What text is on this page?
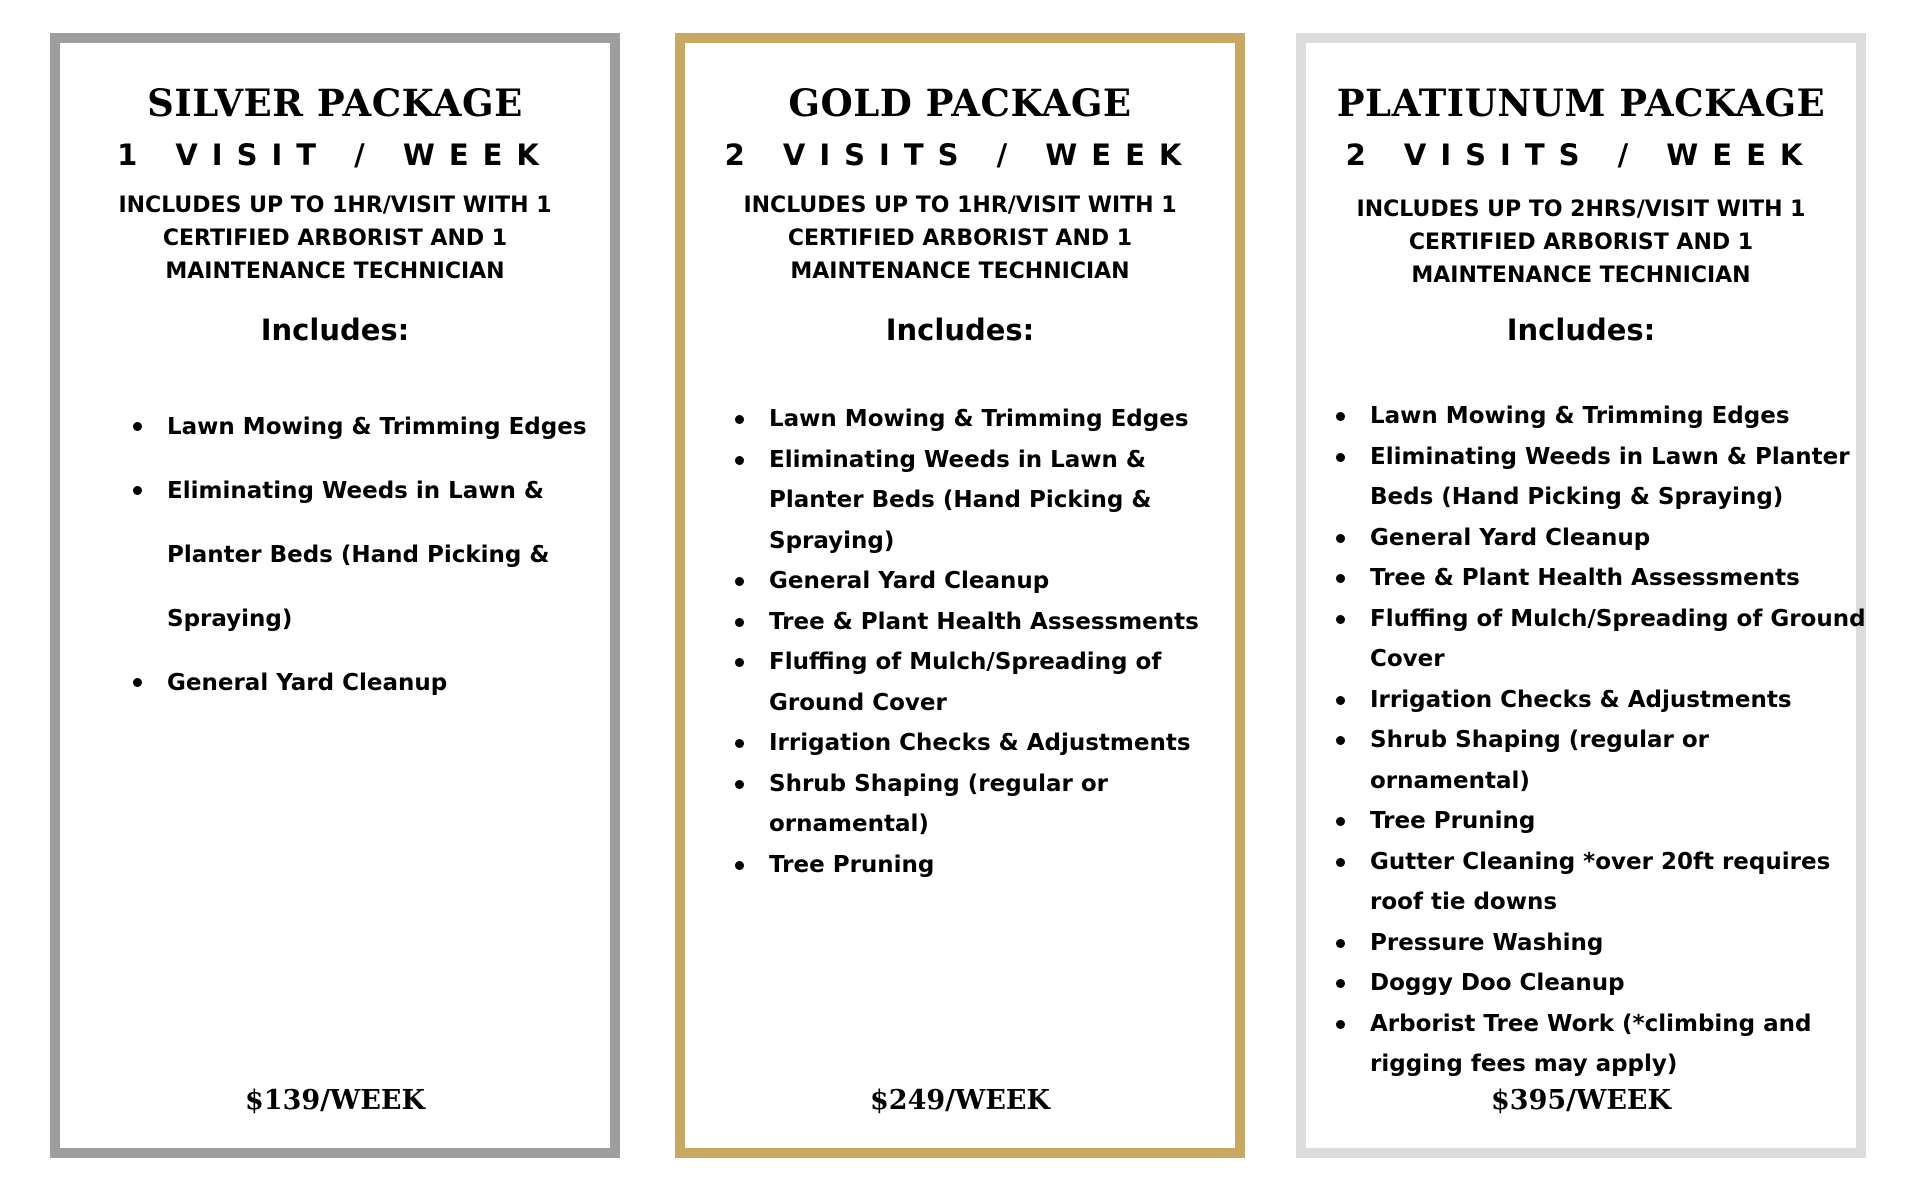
SILVER PACKAGE
1 VISIT / WEEK
INCLUDES UP TO 1HR/VISIT WITH 1 CERTIFIED ARBORIST AND 1 MAINTENANCE TECHNICIAN
Includes:
Lawn Mowing & Trimming Edges
Eliminating Weeds in Lawn & Planter Beds (Hand Picking & Spraying)
General Yard Cleanup
$139/WEEK
GOLD PACKAGE
2 VISITS / WEEK
INCLUDES UP TO 1HR/VISIT WITH 1 CERTIFIED ARBORIST AND 1 MAINTENANCE TECHNICIAN
Includes:
Lawn Mowing & Trimming Edges
Eliminating Weeds in Lawn & Planter Beds (Hand Picking & Spraying)
General Yard Cleanup
Tree & Plant Health Assessments
Fluffing of Mulch/Spreading of Ground Cover
Irrigation Checks & Adjustments
Shrub Shaping (regular or ornamental)
Tree Pruning
$249/WEEK
PLATIUNUM PACKAGE
2 VISITS / WEEK
INCLUDES UP TO 2HRS/VISIT WITH 1 CERTIFIED ARBORIST AND 1 MAINTENANCE TECHNICIAN
Includes:
Lawn Mowing & Trimming Edges
Eliminating Weeds in Lawn & Planter Beds (Hand Picking & Spraying)
General Yard Cleanup
Tree & Plant Health Assessments
Fluffing of Mulch/Spreading of Ground Cover
Irrigation Checks & Adjustments
Shrub Shaping (regular or ornamental)
Tree Pruning
Gutter Cleaning *over 20ft requires roof tie downs
Pressure Washing
Doggy Doo Cleanup
Arborist Tree Work (*climbing and rigging fees may apply)
$395/WEEK
